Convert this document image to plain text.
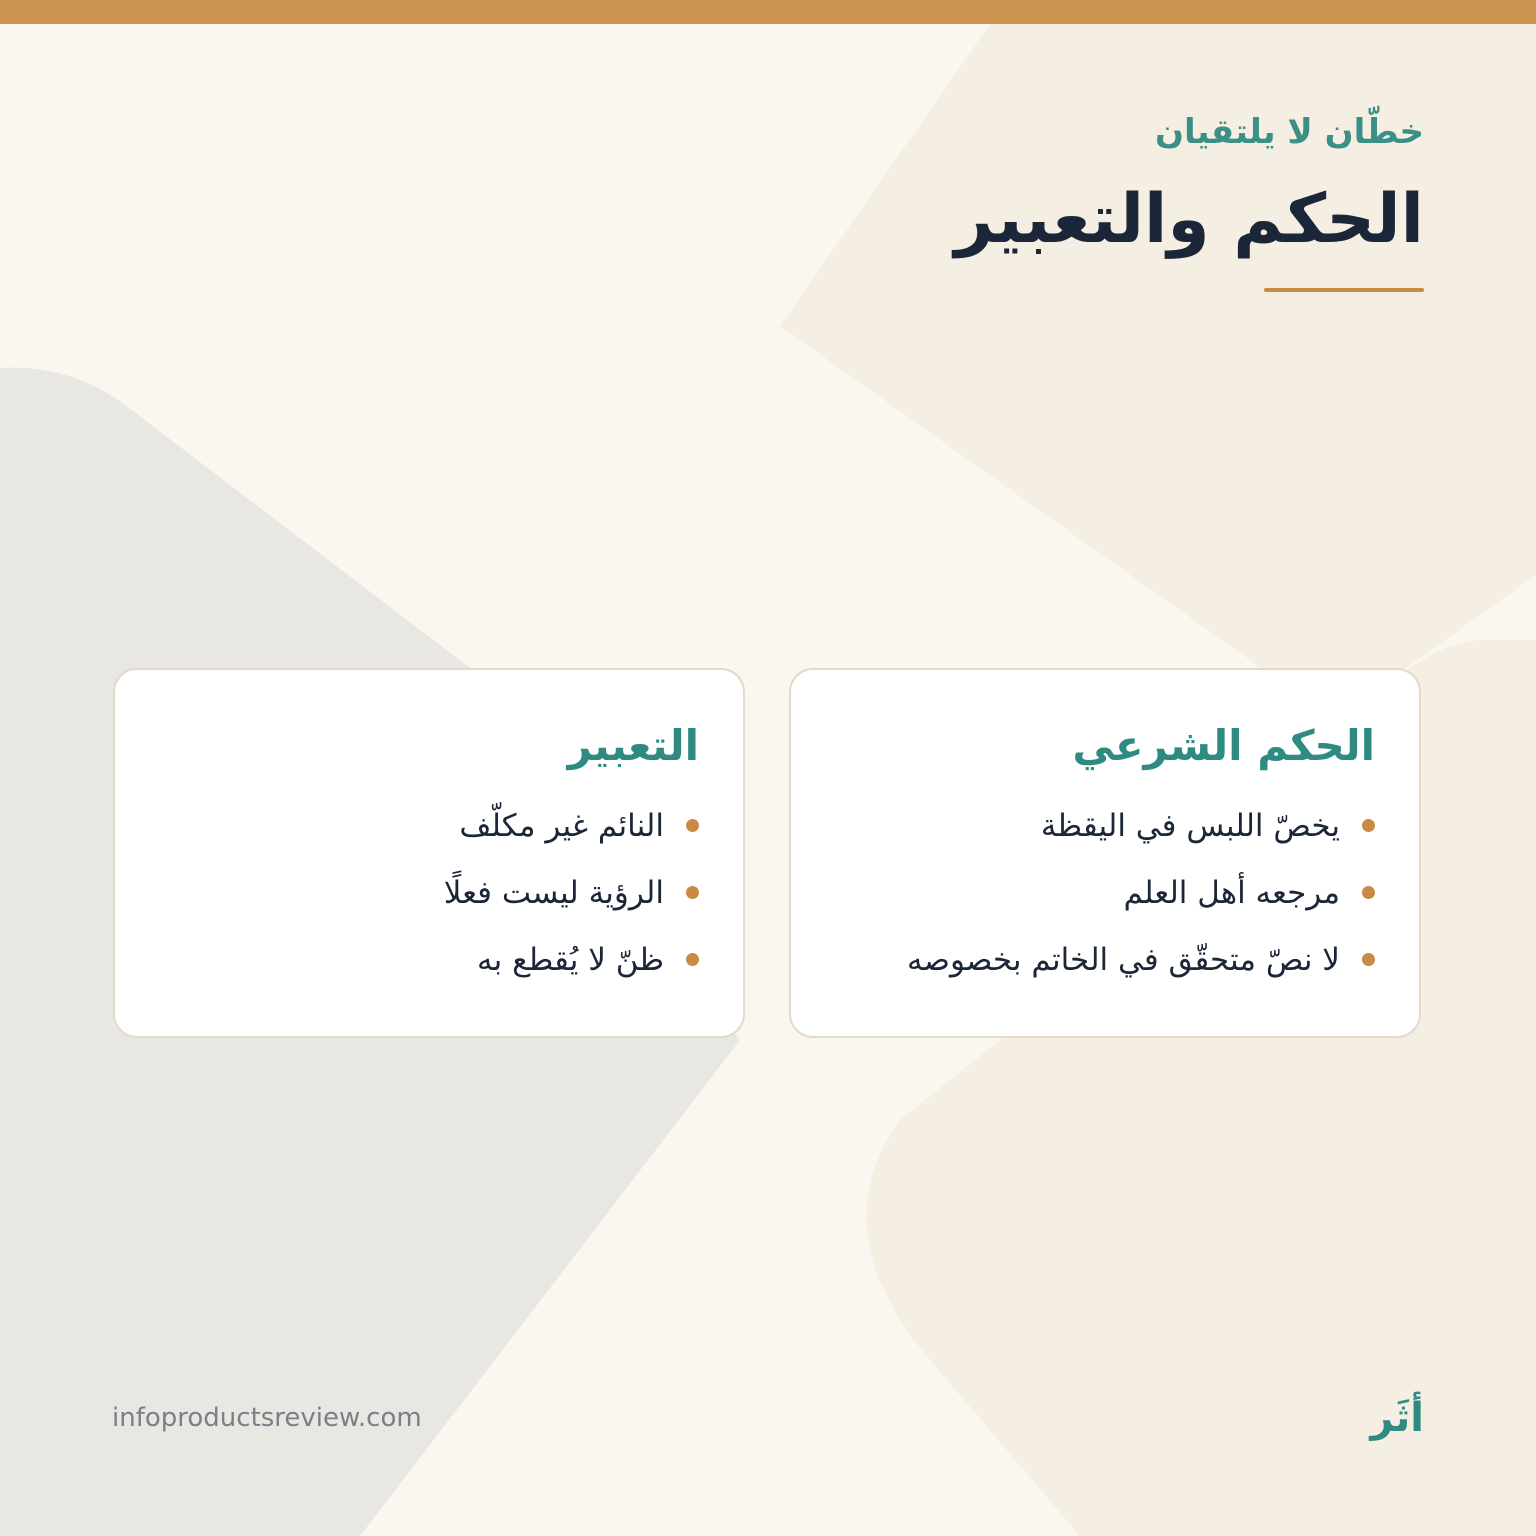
خطّان لا يلتقيان
الحكم والتعبير
الحكم الشرعي
يخصّ اللبس في اليقظة
مرجعه أهل العلم
لا نصّ متحقّق في الخاتم بخصوصه
التعبير
النائم غير مكلّف
الرؤية ليست فعلًا
ظنّ لا يُقطع به
infoproductsreview.com	أثَر
